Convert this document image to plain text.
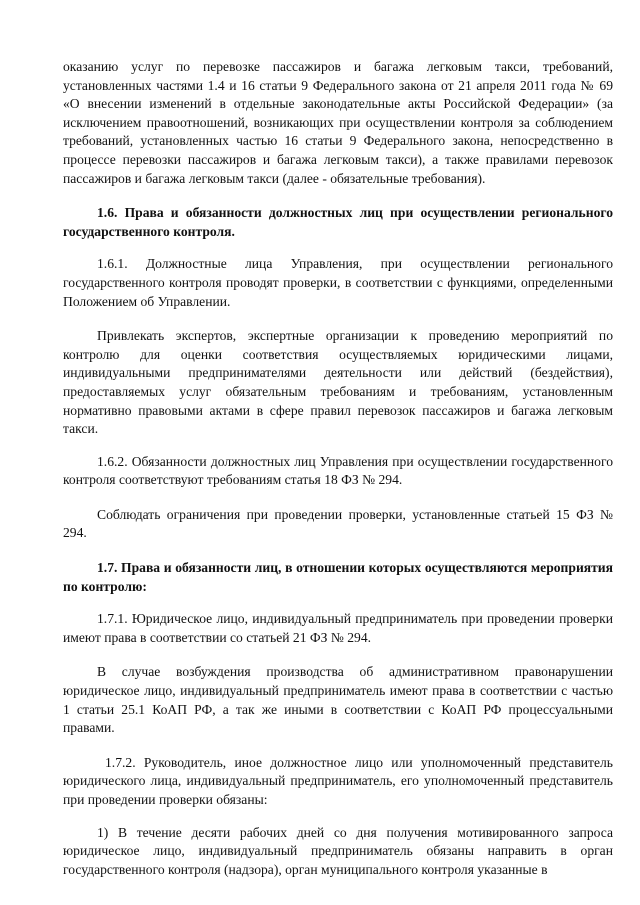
оказанию услуг по перевозке пассажиров и багажа легковым такси, требований, установленных частями 1.4 и 16 статьи 9 Федерального закона от 21 апреля 2011 года № 69 «О внесении изменений в отдельные законодательные акты Российской Федерации» (за исключением правоотношений, возникающих при осуществлении контроля за соблюдением требований, установленных частью 16 статьи 9 Федерального закона, непосредственно в процессе перевозки пассажиров и багажа легковым такси), а также правилами перевозок пассажиров и багажа легковым такси (далее - обязательные требования).

1.6. Права и обязанности должностных лиц при осуществлении регионального государственного контроля.

1.6.1. Должностные лица Управления, при осуществлении регионального государственного контроля проводят проверки, в соответствии с функциями, определенными Положением об Управлении.

Привлекать экспертов, экспертные организации к проведению мероприятий по контролю для оценки соответствия осуществляемых юридическими лицами, индивидуальными предпринимателями деятельности или действий (бездействия), предоставляемых услуг обязательным требованиям и требованиям, установленным нормативно правовыми актами в сфере правил перевозок пассажиров и багажа легковым такси.

1.6.2. Обязанности должностных лиц Управления при осуществлении государственного контроля соответствуют требованиям статья 18 ФЗ № 294.

Соблюдать ограничения при проведении проверки, установленные статьей 15 ФЗ № 294.

1.7. Права и обязанности лиц, в отношении которых осуществляются мероприятия по контролю:

1.7.1. Юридическое лицо, индивидуальный предприниматель при проведении проверки имеют права в соответствии со статьей 21 ФЗ № 294.

В случае возбуждения производства об административном правонарушении юридическое лицо, индивидуальный предприниматель имеют права в соответствии с частью 1 статьи 25.1 КоАП РФ, а так же иными в соответствии с КоАП РФ процессуальными правами.

1.7.2. Руководитель, иное должностное лицо или уполномоченный представитель юридического лица, индивидуальный предприниматель, его уполномоченный представитель при проведении проверки обязаны:

1) В течение десяти рабочих дней со дня получения мотивированного запроса юридическое лицо, индивидуальный предприниматель обязаны направить в орган государственного контроля (надзора), орган муниципального контроля указанные в
